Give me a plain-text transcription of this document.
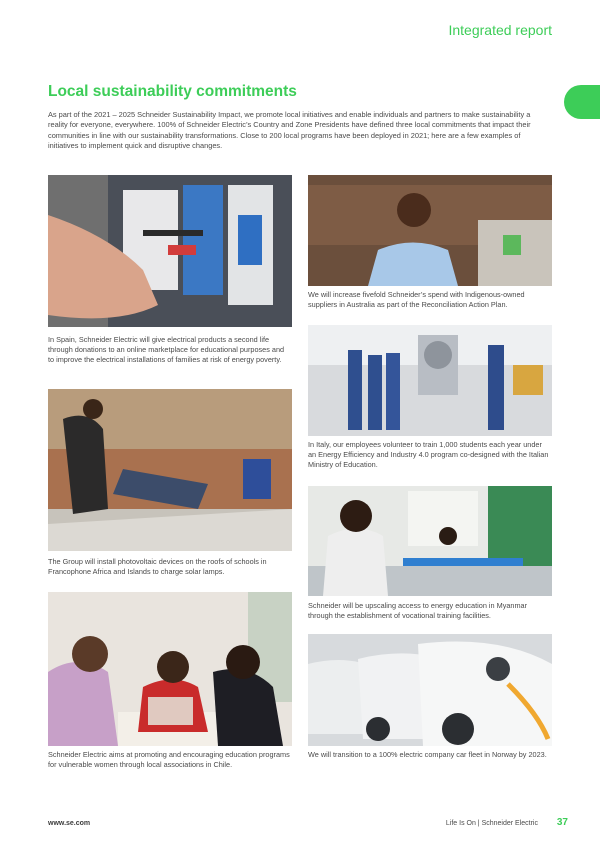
Integrated report
Local sustainability commitments

As part of the 2021 – 2025 Schneider Sustainability Impact, we promote local initiatives and enable individuals and partners to make sustainability a reality for everyone, everywhere. 100% of Schneider Electric’s Country and Zone Presidents have defined three local commitments that impact their communities in line with our sustainability transformations. Close to 200 local programs have been deployed in 2021; here are a few examples of initiatives to implement quick and disruptive changes.

In Spain, Schneider Electric will give electrical products a second life through donations to an online marketplace for educational purposes and to improve the electrical installations of families at risk of energy poverty.

The Group will install photovoltaic devices on the roofs of schools in Francophone Africa and Islands to charge solar lamps.

Schneider Electric aims at promoting and encouraging education programs for vulnerable women through local associations in Chile.

We will increase fivefold Schneider’s spend with Indigenous-owned suppliers in Australia as part of the Reconciliation Action Plan.

In Italy, our employees volunteer to train 1,000 students each year under an Energy Efficiency and Industry 4.0 program co-designed with the Italian Ministry of Education.

Schneider will be upscaling access to energy education in Myanmar through the establishment of vocational training facilities.

We will transition to a 100% electric company car fleet in Norway by 2023.

www.se.com	Life Is On | Schneider Electric 37
